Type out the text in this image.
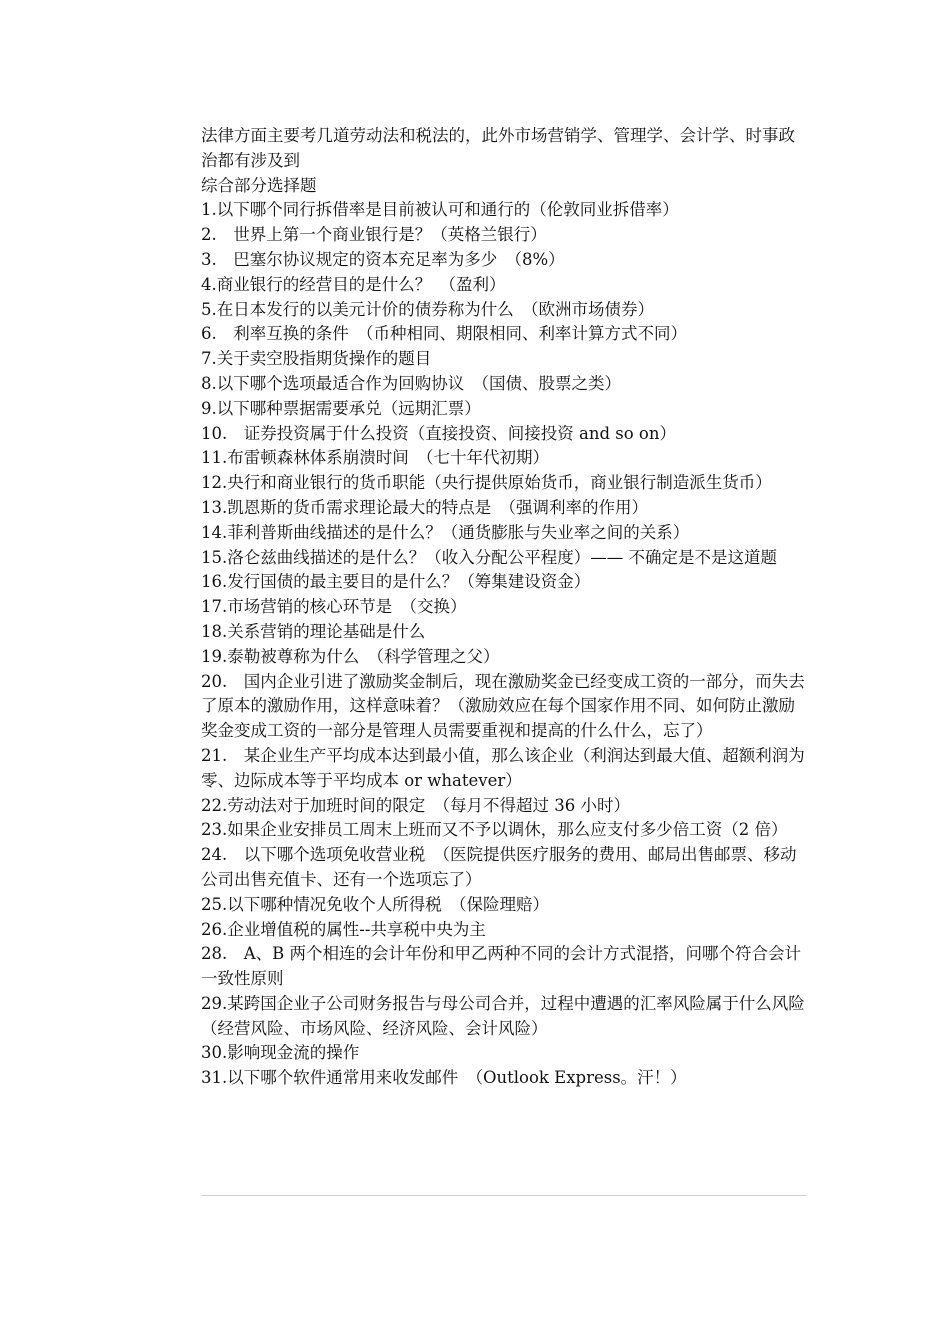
法律方面主要考几道劳动法和税法的，此外市场营销学、管理学、会计学、时事政治都有涉及到
综合部分选择题
1.以下哪个同行拆借率是目前被认可和通行的（伦敦同业拆借率）
2.　世界上第一个商业银行是？（英格兰银行）
3.　巴塞尔协议规定的资本充足率为多少　（8%）
4.商业银行的经营目的是什么？　（盈利）
5.在日本发行的以美元计价的债券称为什么　（欧洲市场债券）
6.　利率互换的条件　（币种相同、期限相同、利率计算方式不同）
7.关于卖空股指期货操作的题目
8.以下哪个选项最适合作为回购协议　（国债、股票之类）
9.以下哪种票据需要承兑（远期汇票）
10.　证券投资属于什么投资（直接投资、间接投资 and so on）
11.布雷顿森林体系崩溃时间　（七十年代初期）
12.央行和商业银行的货币职能（央行提供原始货币，商业银行制造派生货币）
13.凯恩斯的货币需求理论最大的特点是　（强调利率的作用）
14.菲利普斯曲线描述的是什么？（通货膨胀与失业率之间的关系）
15.洛仑兹曲线描述的是什么？（收入分配公平程度）—— 不确定是不是这道题
16.发行国债的最主要目的是什么？（筹集建设资金）
17.市场营销的核心环节是　（交换）
18.关系营销的理论基础是什么
19.泰勒被尊称为什么　（科学管理之父）
20.　国内企业引进了激励奖金制后，现在激励奖金已经变成工资的一部分，而失去了原本的激励作用，这样意味着？（激励效应在每个国家作用不同、如何防止激励奖金变成工资的一部分是管理人员需要重视和提高的什么什么，忘了）
21.　某企业生产平均成本达到最小值，那么该企业（利润达到最大值、超额利润为零、边际成本等于平均成本 or whatever）
22.劳动法对于加班时间的限定　（每月不得超过 36 小时）
23.如果企业安排员工周末上班而又不予以调休，那么应支付多少倍工资（2 倍）
24.　以下哪个选项免收营业税　（医院提供医疗服务的费用、邮局出售邮票、移动公司出售充值卡、还有一个选项忘了）
25.以下哪种情况免收个人所得税　（保险理赔）
26.企业增值税的属性--共享税中央为主
28.　A、B 两个相连的会计年份和甲乙两种不同的会计方式混搭，问哪个符合会计一致性原则
29.某跨国企业子公司财务报告与母公司合并，过程中遭遇的汇率风险属于什么风险（经营风险、市场风险、经济风险、会计风险）
30.影响现金流的操作
31.以下哪个软件通常用来收发邮件　（Outlook Express。汗！）
